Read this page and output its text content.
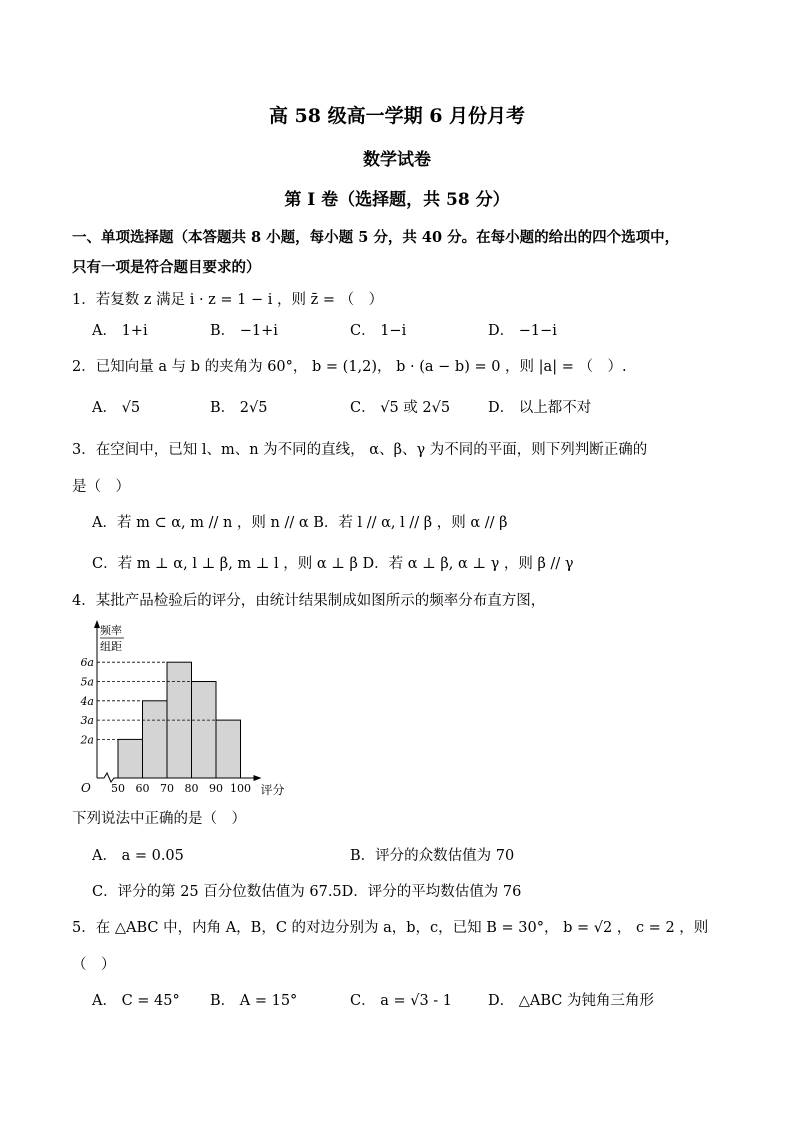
高 58 级高一学期 6 月份月考
数学试卷
第 I 卷（选择题，共 58 分）
一、单项选择题（本答题共 8 小题，每小题 5 分，共 40 分。在每小题的给出的四个选项中，
只有一项是符合题目要求的）
1．若复数 z 满足 i · z = 1 − i ，则 z̄ = （　）
A． 1+i	B． −1+i	C． 1−i	D． −1−i
2．已知向量 a 与 b 的夹角为 60°， b = (1,2)， b · (a − b) = 0 ，则 |a| = （　）.
A． √5	B． 2√5	C． √5 或 2√5	D． 以上都不对
3．在空间中，已知 l、m、n 为不同的直线， α、β、γ 为不同的平面，则下列判断正确的
是（　）
A．若 m ⊂ α, m // n ，则 n // α B．若 l // α, l // β ，则 α // β
C．若 m ⊥ α, l ⊥ β, m ⊥ l ，则 α ⊥ β D．若 α ⊥ β, α ⊥ γ ，则 β // γ
4．某批产品检验后的评分，由统计结果制成如图所示的频率分布直方图，
O
频率
组距
2a
3a
4a
5a
6a
50 60 70 80 90 100 评分
下列说法中正确的是（　）
A． a = 0.05	B．评分的众数估值为 70
C．评分的第 25 百分位数估值为 67.5D．评分的平均数估值为 76
5．在 △ABC 中，内角 A，B，C 的对边分别为 a，b，c，已知 B = 30°， b = √2 ， c = 2 ，则
（　）
A． C = 45° B． A = 15°	C． a = √3 - 1 D． △ABC 为钝角三角形
